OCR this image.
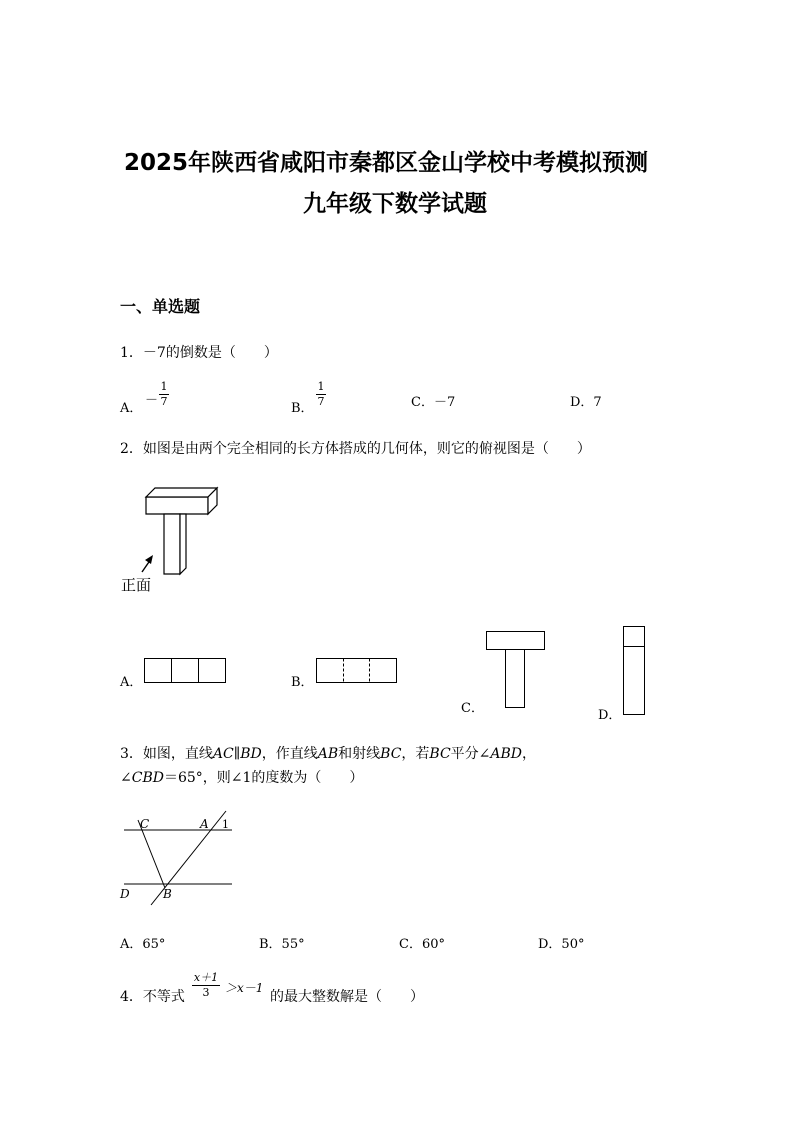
2025年陕西省咸阳市秦都区金山学校中考模拟预测
九年级下数学试题
一、单选题
1．－7的倒数是（　　）
A．
－
1
7	B．
1
7	C．－7	D．7
2．如图是由两个完全相同的长方体搭成的几何体，则它的俯视图是（　　）
正面
A．	B．
C．	D．
3．如图，直线AC∥BD，作直线AB和射线BC，若BC平分∠ABD，
∠CBD＝65°，则∠1的度数为（　　）
C	A 1
D	B
A．65°	B．55°	C．60°	D．50°
4．不等式
x＋1
3	＞x－1
的最大整数解是（　　）
